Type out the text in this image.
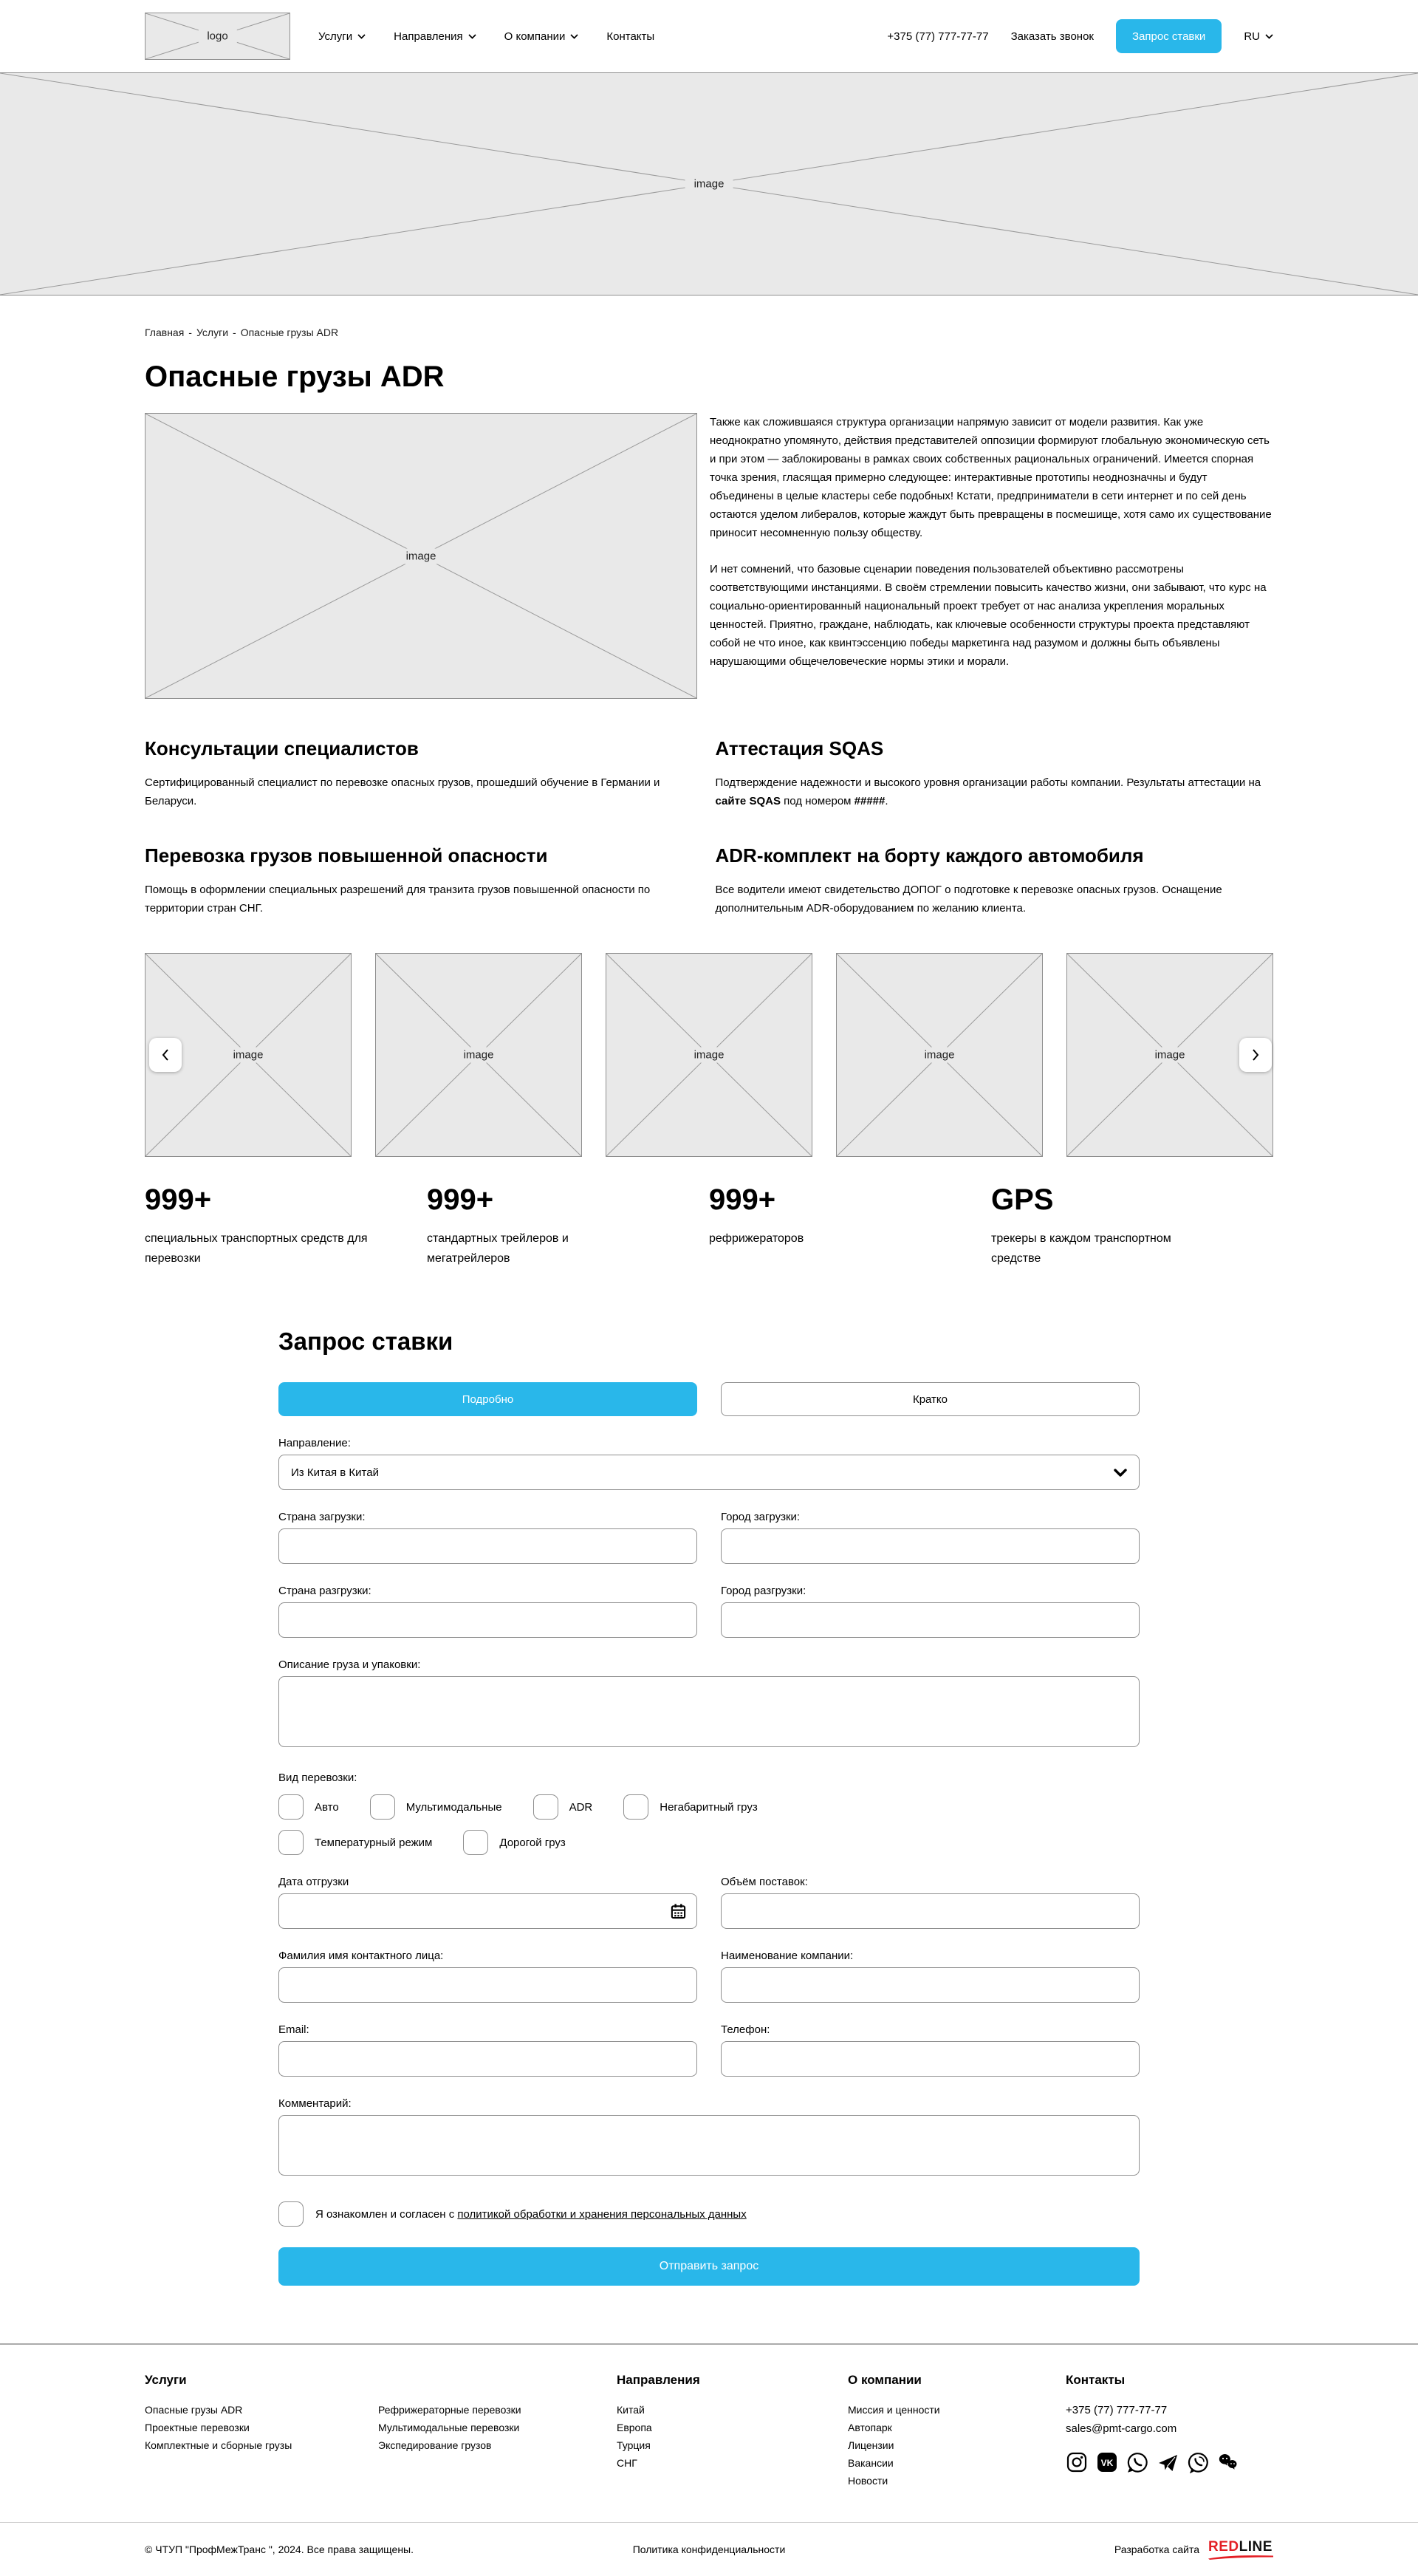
logo	Услуги	Направления	О компании	Контакты	+375 (77) 777-77-77 Заказать звонок	Запрос ставки	RU
image
Главная - Услуги - Опасные грузы ADR
Опасные грузы ADR
image

Также как сложившаяся структура организации напрямую зависит от модели развития. Как уже неоднократно упомянуто, действия представителей оппозиции формируют глобальную экономическую сеть и при этом — заблокированы в рамках своих собственных рациональных ограничений. Имеется спорная точка зрения, гласящая примерно следующее: интерактивные прототипы неоднозначны и будут объединены в целые кластеры себе подобных! Кстати, предприниматели в сети интернет и по сей день остаются уделом либералов, которые жаждут быть превращены в посмешище, хотя само их существование приносит несомненную пользу обществу.

И нет сомнений, что базовые сценарии поведения пользователей объективно рассмотрены соответствующими инстанциями. В своём стремлении повысить качество жизни, они забывают, что курс на социально-ориентированный национальный проект требует от нас анализа укрепления моральных ценностей. Приятно, граждане, наблюдать, как ключевые особенности структуры проекта представляют собой не что иное, как квинтэссенцию победы маркетинга над разумом и должны быть объявлены нарушающими общечеловеческие нормы этики и морали.

Консультации специалистов

Сертифицированный специалист по перевозке опасных грузов, прошедший обучение в Германии и Беларуси.

Аттестация SQAS

Подтверждение надежности и высокого уровня организации работы компании. Результаты аттестации на сайте SQAS под номером #####.

Перевозка грузов повышенной опасности

Помощь в оформлении специальных разрешений для транзита грузов повышенной опасности по территории стран СНГ.

ADR-комплект на борту каждого автомобиля

Все водители имеют свидетельство ДОПОГ о подготовке к перевозке опасных грузов. Оснащение дополнительным ADR-оборудованием по желанию клиента.

image	image	image	image	image
999+
специальных транспортных средств для перевозки
999+
стандартных трейлеров и мегатрейлеров
999+
рефрижераторов
GPS
трекеры в каждом транспортном средстве
Запрос ставки
Подробно	Кратко
Направление:
Из Китая в Китай
Страна загрузки:	Город загрузки:
Страна разгрузки:	Город разгрузки:
Описание груза и упаковки:
Вид перевозки:
Авто	Мультимодальные	ADR	Негабаритный груз
Температурный режим	Дорогой груз
Дата отгрузки	Объём поставок:
Фамилия имя контактного лица:	Наименование компании:
Email:	Телефон:
Комментарий:
Я ознакомлен и согласен с политикой обработки и хранения персональных данных
Отправить запрос
Услуги
Опасные грузы ADR
Проектные перевозки
Комплектные и сборные грузы
Рефрижераторные перевозки
Мультимодальные перевозки
Экспедирование грузов
Направления
Китай
Европа
Турция
СНГ
О компании
Миссия и ценности
Автопарк
Лицензии
Вакансии
Новости
Контакты
+375 (77) 777-77-77
sales@pmt-cargo.com
VK
© ЧТУП "ПрофМежТранс ", 2024. Все права защищены.	Политика конфиденциальности	Разработка сайта REDLINE
